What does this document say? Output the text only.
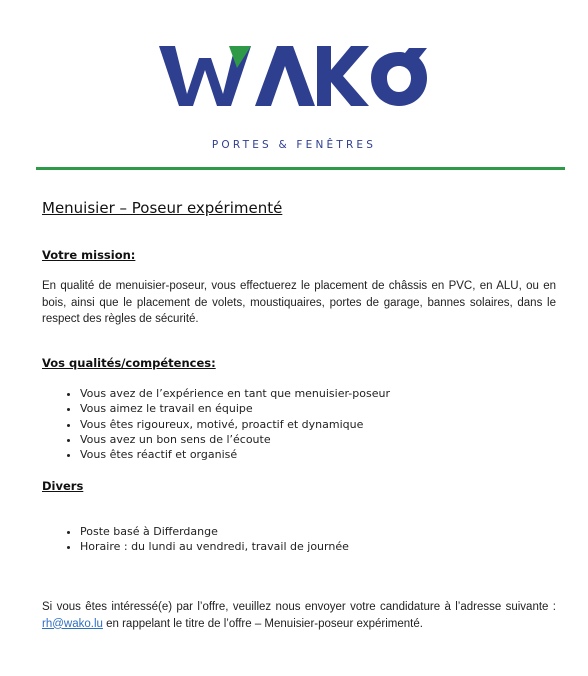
PORTES & FENÊTRES
Menuisier – Poseur expérimenté
Votre mission:
En qualité de menuisier-poseur, vous effectuerez le placement de châssis en PVC, en ALU, ou en bois, ainsi que le placement de volets, moustiquaires, portes de garage, bannes solaires, dans le respect des règles de sécurité.
Vos qualités/compétences:
• Vous avez de l’expérience en tant que menuisier-poseur
• Vous aimez le travail en équipe
• Vous êtes rigoureux, motivé, proactif et dynamique
• Vous avez un bon sens de l’écoute
• Vous êtes réactif et organisé
Divers
• Poste basé à Differdange
• Horaire : du lundi au vendredi, travail de journée
Si vous êtes intéressé(e) par l’offre, veuillez nous envoyer votre candidature à l’adresse suivante : rh@wako.lu en rappelant le titre de l’offre – Menuisier-poseur expérimenté.
